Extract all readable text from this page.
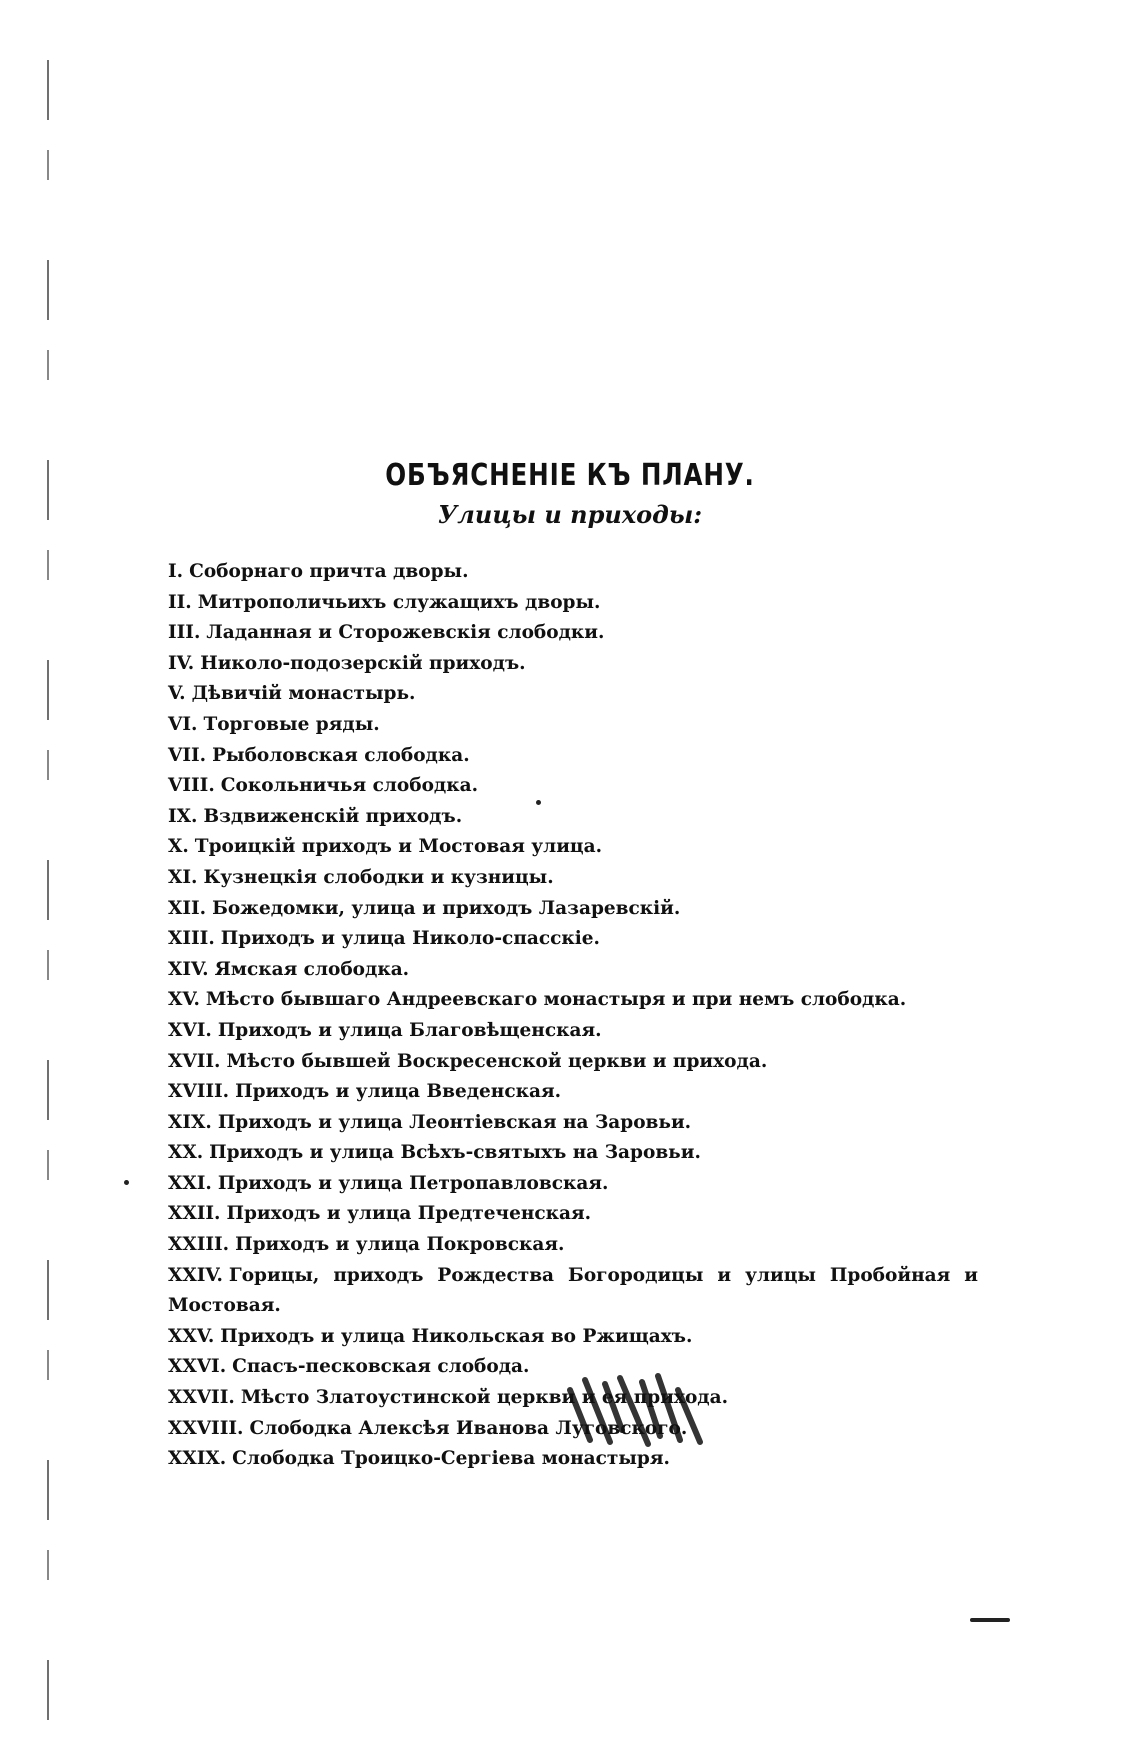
ОБЪЯСНЕНІЕ КЪ ПЛАНУ.
Улицы и приходы:
I. Соборнаго причта дворы.
II. Митрополичьихъ служащихъ дворы.
III. Ладанная и Сторожевскія слободки.
IV. Николо-подозерскій приходъ.
V. Дѣвичій монастырь.
VI. Торговые ряды.
VII. Рыболовская слободка.
VIII. Сокольничья слободка.
IX. Вздвиженскій приходъ.
X. Троицкій приходъ и Мостовая улица.
XI. Кузнецкія слободки и кузницы.
XII. Божедомки, улица и приходъ Лазаревскій.
XIII. Приходъ и улица Николо-спасскіе.
XIV. Ямская слободка.
XV. Мѣсто бывшаго Андреевскаго монастыря и при немъ слободка.
XVI. Приходъ и улица Благовѣщенская.
XVII. Мѣсто бывшей Воскресенской церкви и прихода.
XVIII. Приходъ и улица Введенская.
XIX. Приходъ и улица Леонтіевская на Заровьи.
XX. Приходъ и улица Всѣхъ-святыхъ на Заровьи.
XXI. Приходъ и улица Петропавловская.
XXII. Приходъ и улица Предтеченская.
XXIII. Приходъ и улица Покровская.
XXIV. Горицы, приходъ Рождества Богородицы и улицы Пробойная и Мостовая.
XXV. Приходъ и улица Никольская во Ржищахъ.
XXVI. Спасъ-песковская слобода.
XXVII. Мѣсто Златоустинской церкви и ея прихода.
XXVIII. Слободка Алексѣя Иванова Луговского.
XXIX. Слободка Троицко-Сергіева монастыря.
